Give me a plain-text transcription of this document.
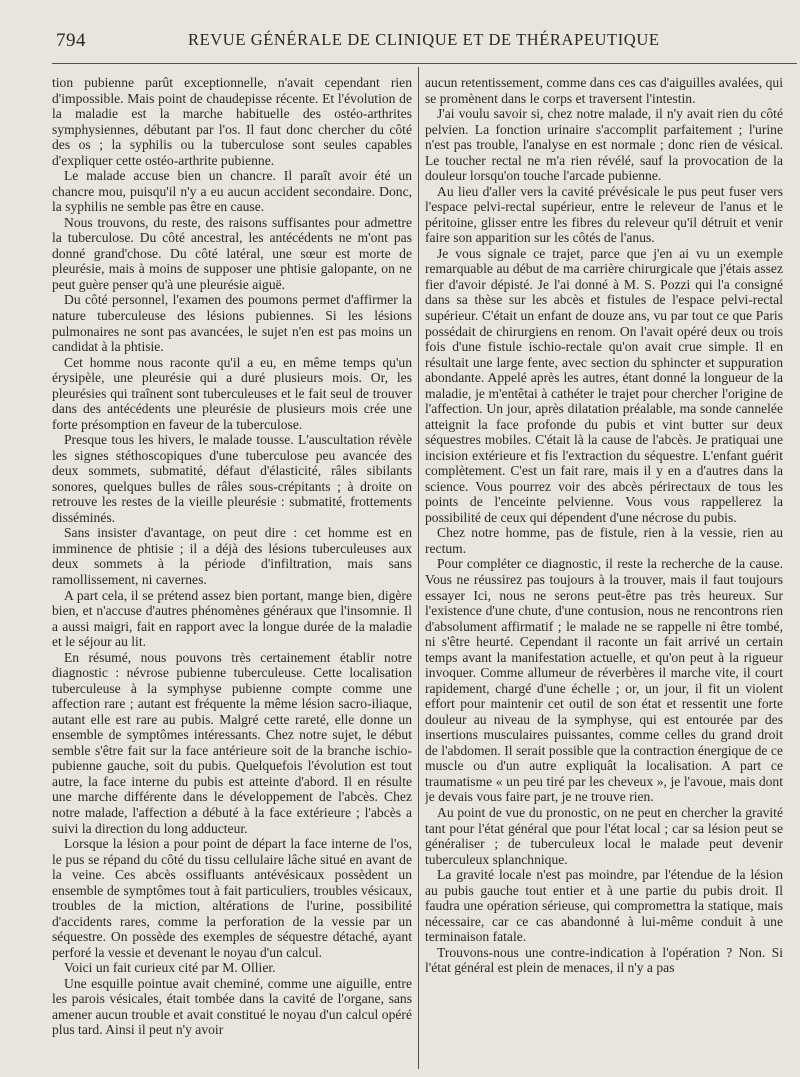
794	REVUE GÉNÉRALE DE CLINIQUE ET DE THÉRAPEUTIQUE

tion pubienne parût exceptionnelle, n'avait cependant rien d'impossible. Mais point de chaudepisse récente. Et l'évolution de la maladie est la marche habituelle des ostéo-arthrites symphysiennes, débutant par l'os. Il faut donc chercher du côté des os ; la syphilis ou la tuberculose sont seules capables d'expliquer cette ostéo-arthrite pubienne.

Le malade accuse bien un chancre. Il paraît avoir été un chancre mou, puisqu'il n'y a eu aucun accident secondaire. Donc, la syphilis ne semble pas être en cause.

Nous trouvons, du reste, des raisons suffisantes pour admettre la tuberculose. Du côté ancestral, les antécédents ne m'ont pas donné grand'chose. Du côté latéral, une sœur est morte de pleurésie, mais à moins de supposer une phtisie galopante, on ne peut guère penser qu'à une pleurésie aiguë.

Du côté personnel, l'examen des poumons permet d'affirmer la nature tuberculeuse des lésions pubiennes. Si les lésions pulmonaires ne sont pas avancées, le sujet n'en est pas moins un candidat à la phtisie.

Cet homme nous raconte qu'il a eu, en même temps qu'un érysipèle, une pleurésie qui a duré plusieurs mois. Or, les pleurésies qui traînent sont tuberculeuses et le fait seul de trouver dans des antécédents une pleurésie de plusieurs mois crée une forte présomption en faveur de la tuberculose.

Presque tous les hivers, le malade tousse. L'auscultation révèle les signes stéthoscopiques d'une tuberculose peu avancée des deux sommets, submatité, défaut d'élasticité, râles sibilants sonores, quelques bulles de râles sous-crépitants ; à droite on retrouve les restes de la vieille pleurésie : submatité, frottements disséminés.

Sans insister d'avantage, on peut dire : cet homme est en imminence de phtisie ; il a déjà des lésions tuberculeuses aux deux sommets à la période d'infiltration, mais sans ramollissement, ni cavernes.

A part cela, il se prétend assez bien portant, mange bien, digère bien, et n'accuse d'autres phénomènes généraux que l'insomnie. Il a aussi maigri, fait en rapport avec la longue durée de la maladie et le séjour au lit.

En résumé, nous pouvons très certainement établir notre diagnostic : névrose pubienne tuberculeuse. Cette localisation tuberculeuse à la symphyse pubienne compte comme une affection rare ; autant est fréquente la même lésion sacro-iliaque, autant elle est rare au pubis. Malgré cette rareté, elle donne un ensemble de symptômes intéressants. Chez notre sujet, le début semble s'être fait sur la face antérieure soit de la branche ischio-pubienne gauche, soit du pubis. Quelquefois l'évolution est tout autre, la face interne du pubis est atteinte d'abord. Il en résulte une marche différente dans le développement de l'abcès. Chez notre malade, l'affection a débuté à la face extérieure ; l'abcès a suivi la direction du long adducteur.

Lorsque la lésion a pour point de départ la face interne de l'os, le pus se répand du côté du tissu cellulaire lâche situé en avant de la veine. Ces abcès ossifluants antévésicaux possèdent un ensemble de symptômes tout à fait particuliers, troubles vésicaux, troubles de la miction, altérations de l'urine, possibilité d'accidents rares, comme la perforation de la vessie par un séquestre. On possède des exemples de séquestre détaché, ayant perforé la vessie et devenant le noyau d'un calcul.

Voici un fait curieux cité par M. Ollier.

Une esquille pointue avait cheminé, comme une aiguille, entre les parois vésicales, était tombée dans la cavité de l'organe, sans amener aucun trouble et avait constitué le noyau d'un calcul opéré plus tard. Ainsi il peut n'y avoir

aucun retentissement, comme dans ces cas d'aiguilles avalées, qui se promènent dans le corps et traversent l'intestin.

J'ai voulu savoir si, chez notre malade, il n'y avait rien du côté pelvien. La fonction urinaire s'accomplit parfaitement ; l'urine n'est pas trouble, l'analyse en est normale ; donc rien de vésical. Le toucher rectal ne m'a rien révélé, sauf la provocation de la douleur lorsqu'on touche l'arcade pubienne.

Au lieu d'aller vers la cavité prévésicale le pus peut fuser vers l'espace pelvi-rectal supérieur, entre le releveur de l'anus et le péritoine, glisser entre les fibres du releveur qu'il détruit et venir faire son apparition sur les côtés de l'anus.

Je vous signale ce trajet, parce que j'en ai vu un exemple remarquable au début de ma carrière chirurgicale que j'étais assez fier d'avoir dépisté. Je l'ai donné à M. S. Pozzi qui l'a consigné dans sa thèse sur les abcès et fistules de l'espace pelvi-rectal supérieur. C'était un enfant de douze ans, vu par tout ce que Paris possédait de chirurgiens en renom. On l'avait opéré deux ou trois fois d'une fistule ischio-rectale qu'on avait crue simple. Il en résultait une large fente, avec section du sphincter et suppuration abondante. Appelé après les autres, étant donné la longueur de la maladie, je m'entêtai à cathéter le trajet pour chercher l'origine de l'affection. Un jour, après dilatation préalable, ma sonde cannelée atteignit la face profonde du pubis et vint butter sur deux séquestres mobiles. C'était là la cause de l'abcès. Je pratiquai une incision extérieure et fis l'extraction du séquestre. L'enfant guérit complètement. C'est un fait rare, mais il y en a d'autres dans la science. Vous pourrez voir des abcès périrectaux de tous les points de l'enceinte pelvienne. Vous vous rappellerez la possibilité de ceux qui dépendent d'une nécrose du pubis.

Chez notre homme, pas de fistule, rien à la vessie, rien au rectum.

Pour compléter ce diagnostic, il reste la recherche de la cause. Vous ne réussirez pas toujours à la trouver, mais il faut toujours essayer Ici, nous ne serons peut-être pas très heureux. Sur l'existence d'une chute, d'une contusion, nous ne rencontrons rien d'absolument affirmatif ; le malade ne se rappelle ni être tombé, ni s'être heurté. Cependant il raconte un fait arrivé un certain temps avant la manifestation actuelle, et qu'on peut à la rigueur invoquer. Comme allumeur de réverbères il marche vite, il court rapidement, chargé d'une échelle ; or, un jour, il fit un violent effort pour maintenir cet outil de son état et ressentit une forte douleur au niveau de la symphyse, qui est entourée par des insertions musculaires puissantes, comme celles du grand droit de l'abdomen. Il serait possible que la contraction énergique de ce muscle ou d'un autre expliquât la localisation. A part ce traumatisme « un peu tiré par les cheveux », je l'avoue, mais dont je devais vous faire part, je ne trouve rien.

Au point de vue du pronostic, on ne peut en chercher la gravité tant pour l'état général que pour l'état local ; car sa lésion peut se généraliser ; de tuberculeux local le malade peut devenir tuberculeux splanchnique.

La gravité locale n'est pas moindre, par l'étendue de la lésion au pubis gauche tout entier et à une partie du pubis droit. Il faudra une opération sérieuse, qui compromettra la statique, mais nécessaire, car ce cas abandonné à lui-même conduit à une terminaison fatale.

Trouvons-nous une contre-indication à l'opération ? Non. Si l'état général est plein de menaces, il n'y a pas
